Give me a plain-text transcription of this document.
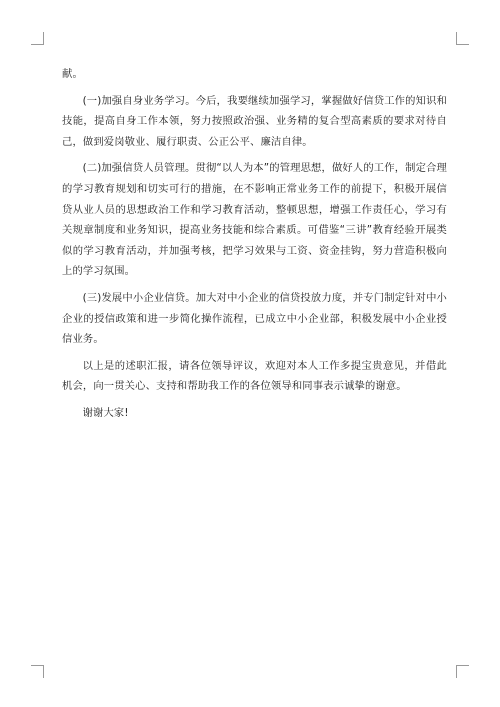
献。

(一)加强自身业务学习。今后，我要继续加强学习，掌握做好信贷工作的知识和技能，提高自身工作本领，努力按照政治强、业务精的复合型高素质的要求对待自己，做到爱岗敬业、履行职责、公正公平、廉洁自律。

(二)加强信贷人员管理。贯彻“以人为本”的管理思想，做好人的工作，制定合理的学习教育规划和切实可行的措施，在不影响正常业务工作的前提下，积极开展信贷从业人员的思想政治工作和学习教育活动，整顿思想，增强工作责任心，学习有关规章制度和业务知识，提高业务技能和综合素质。可借鉴“三讲”教育经验开展类似的学习教育活动，并加强考核，把学习效果与工资、资金挂钩，努力营造积极向上的学习氛围。

(三)发展中小企业信贷。加大对中小企业的信贷投放力度，并专门制定针对中小企业的授信政策和进一步简化操作流程，已成立中小企业部，积极发展中小企业授信业务。

以上是的述职汇报，请各位领导评议，欢迎对本人工作多提宝贵意见，并借此机会，向一贯关心、支持和帮助我工作的各位领导和同事表示诚挚的谢意。

谢谢大家!
